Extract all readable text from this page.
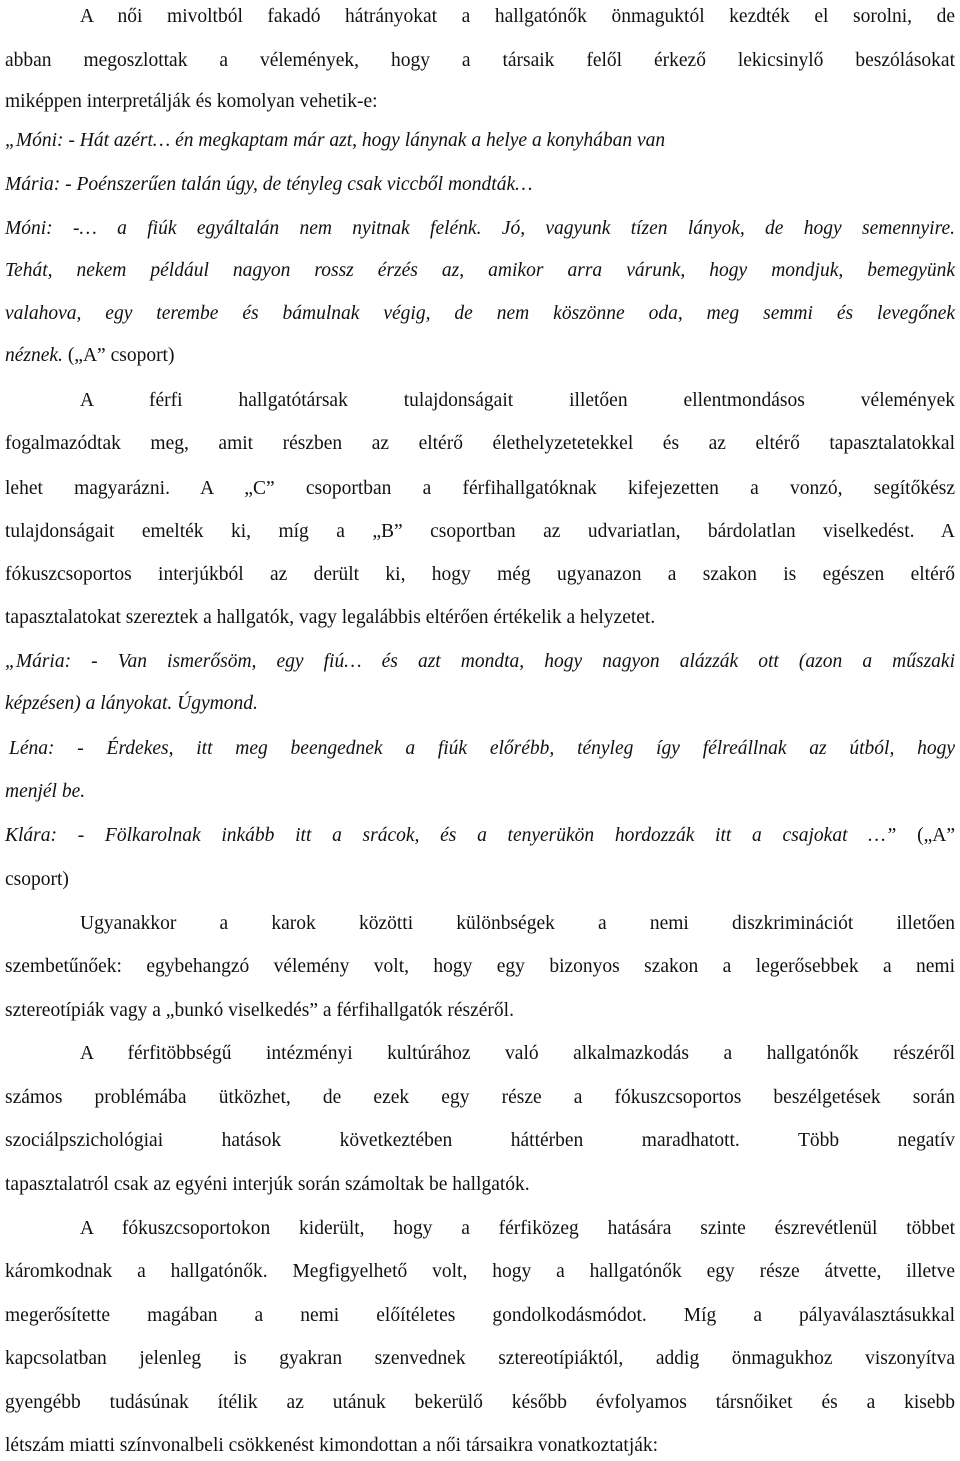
A női mivoltból fakadó hátrányokat a hallgatónők önmaguktól kezdték el sorolni, de
abban megoszlottak a vélemények, hogy a társaik felől érkező lekicsinylő beszólásokat
miképpen interpretálják és komolyan vehetik-e:
„Móni: - Hát azért… én megkaptam már azt, hogy lánynak a helye a konyhában van
Mária: - Poénszerűen talán úgy, de tényleg csak viccből mondták…
Móni: -… a fiúk egyáltalán nem nyitnak felénk. Jó, vagyunk tízen lányok, de hogy semennyire.
Tehát, nekem például nagyon rossz érzés az, amikor arra várunk, hogy mondjuk, bemegyünk
valahova, egy terembe és bámulnak végig, de nem köszönne oda, meg semmi és levegőnek
néznek. („A” csoport)
A férfi hallgatótársak tulajdonságait illetően ellentmondásos vélemények
fogalmazódtak meg, amit részben az eltérő élethelyzetetekkel és az eltérő tapasztalatokkal
lehet magyarázni. A „C” csoportban a férfihallgatóknak kifejezetten a vonzó, segítőkész
tulajdonságait emelték ki, míg a „B” csoportban az udvariatlan, bárdolatlan viselkedést. A
fókuszcsoportos interjúkból az derült ki, hogy még ugyanazon a szakon is egészen eltérő
tapasztalatokat szereztek a hallgatók, vagy legalábbis eltérően értékelik a helyzetet.
„Mária: - Van ismerősöm, egy fiú… és azt mondta, hogy nagyon alázzák ott (azon a műszaki
képzésen) a lányokat. Úgymond.
Léna: - Érdekes, itt meg beengednek a fiúk előrébb, tényleg így félreállnak az útból, hogy
menjél be.
Klára: - Fölkarolnak inkább itt a srácok, és a tenyerükön hordozzák itt a csajokat …” („A”
csoport)
Ugyanakkor a karok közötti különbségek a nemi diszkriminációt illetően
szembetűnőek: egybehangzó vélemény volt, hogy egy bizonyos szakon a legerősebbek a nemi
sztereotípiák vagy a „bunkó viselkedés” a férfihallgatók részéről.
A férfitöbbségű intézményi kultúrához való alkalmazkodás a hallgatónők részéről
számos problémába ütközhet, de ezek egy része a fókuszcsoportos beszélgetések során
szociálpszichológiai hatások következtében háttérben maradhatott. Több negatív
tapasztalatról csak az egyéni interjúk során számoltak be hallgatók.
A fókuszcsoportokon kiderült, hogy a férfiközeg hatására szinte észrevétlenül többet
káromkodnak a hallgatónők. Megfigyelhető volt, hogy a hallgatónők egy része átvette, illetve
megerősítette magában a nemi előítéletes gondolkodásmódot. Míg a pályaválasztásukkal
kapcsolatban jelenleg is gyakran szenvednek sztereotípiáktól, addig önmagukhoz viszonyítva
gyengébb tudásúnak ítélik az utánuk bekerülő később évfolyamos társnőiket és a kisebb
létszám miatti színvonalbeli csökkenést kimondottan a női társaikra vonatkoztatják:
